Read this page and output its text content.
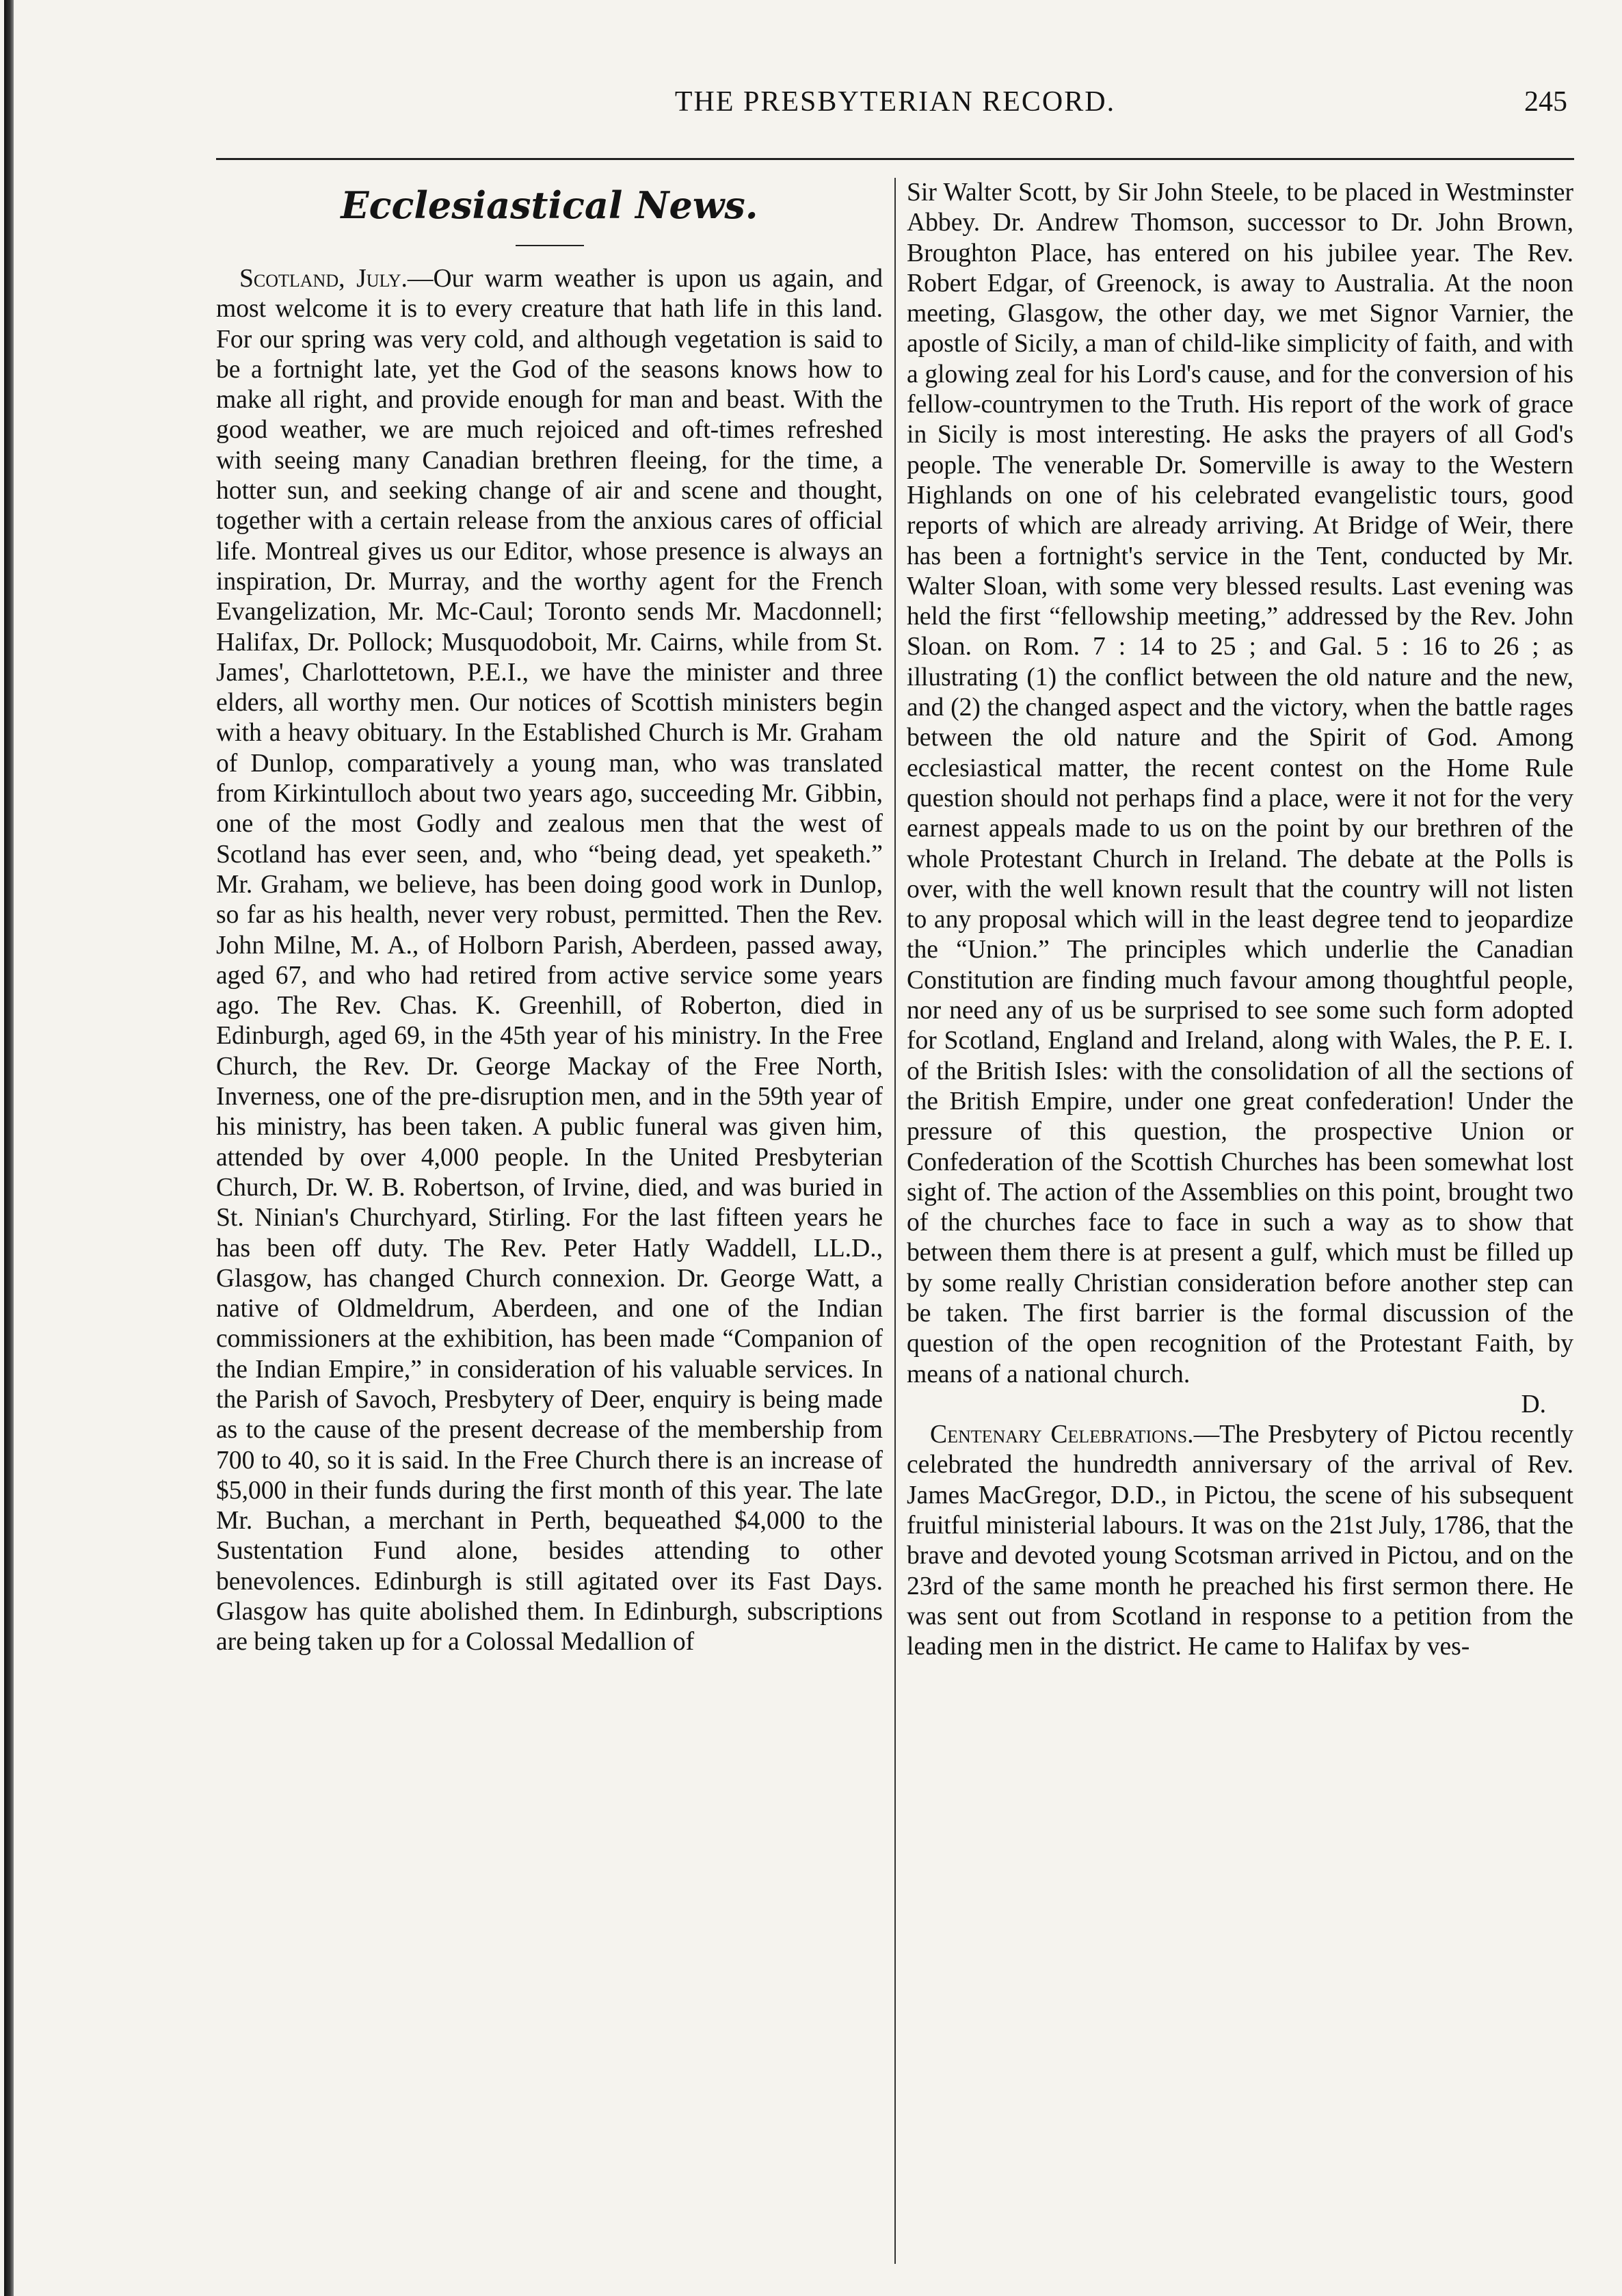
THE PRESBYTERIAN RECORD.	245
Ecclesiastical News.

Scotland, July.—Our warm weather is upon us again, and most welcome it is to every creature that hath life in this land. For our spring was very cold, and although vegetation is said to be a fortnight late, yet the God of the seasons knows how to make all right, and provide enough for man and beast. With the good weather, we are much rejoiced and oft-times refreshed with seeing many Canadian brethren fleeing, for the time, a hotter sun, and seeking change of air and scene and thought, together with a certain release from the anxious cares of official life. Montreal gives us our Editor, whose presence is always an inspiration, Dr. Murray, and the worthy agent for the French Evangelization, Mr. Mc-Caul; Toronto sends Mr. Macdonnell; Halifax, Dr. Pollock; Musquodoboit, Mr. Cairns, while from St. James', Charlottetown, P.E.I., we have the minister and three elders, all worthy men. Our notices of Scottish ministers begin with a heavy obituary. In the Established Church is Mr. Graham of Dunlop, comparatively a young man, who was translated from Kirkintulloch about two years ago, succeeding Mr. Gibbin, one of the most Godly and zealous men that the west of Scotland has ever seen, and, who “being dead, yet speaketh.” Mr. Graham, we believe, has been doing good work in Dunlop, so far as his health, never very robust, permitted. Then the Rev. John Milne, M. A., of Holborn Parish, Aberdeen, passed away, aged 67, and who had retired from active service some years ago. The Rev. Chas. K. Greenhill, of Roberton, died in Edinburgh, aged 69, in the 45th year of his ministry. In the Free Church, the Rev. Dr. George Mackay of the Free North, Inverness, one of the pre-disruption men, and in the 59th year of his ministry, has been taken. A public funeral was given him, attended by over 4,000 people. In the United Presbyterian Church, Dr. W. B. Robertson, of Irvine, died, and was buried in St. Ninian's Churchyard, Stirling. For the last fifteen years he has been off duty. The Rev. Peter Hatly Waddell, LL.D., Glasgow, has changed Church connexion. Dr. George Watt, a native of Oldmeldrum, Aberdeen, and one of the Indian commissioners at the exhibition, has been made “Companion of the Indian Empire,” in consideration of his valuable services. In the Parish of Savoch, Presbytery of Deer, enquiry is being made as to the cause of the present decrease of the membership from 700 to 40, so it is said. In the Free Church there is an increase of $5,000 in their funds during the first month of this year. The late Mr. Buchan, a merchant in Perth, bequeathed $4,000 to the Sustentation Fund alone, besides attending to other benevolences. Edinburgh is still agitated over its Fast Days. Glasgow has quite abolished them. In Edinburgh, subscriptions are being taken up for a Colossal Medallion of

Sir Walter Scott, by Sir John Steele, to be placed in Westminster Abbey. Dr. Andrew Thomson, successor to Dr. John Brown, Broughton Place, has entered on his jubilee year. The Rev. Robert Edgar, of Greenock, is away to Australia. At the noon meeting, Glasgow, the other day, we met Signor Varnier, the apostle of Sicily, a man of child-like simplicity of faith, and with a glowing zeal for his Lord's cause, and for the conversion of his fellow-countrymen to the Truth. His report of the work of grace in Sicily is most interesting. He asks the prayers of all God's people. The venerable Dr. Somerville is away to the Western Highlands on one of his celebrated evangelistic tours, good reports of which are already arriving. At Bridge of Weir, there has been a fortnight's service in the Tent, conducted by Mr. Walter Sloan, with some very blessed results. Last evening was held the first “fellowship meeting,” addressed by the Rev. John Sloan. on Rom. 7 : 14 to 25 ; and Gal. 5 : 16 to 26 ; as illustrating (1) the conflict between the old nature and the new, and (2) the changed aspect and the victory, when the battle rages between the old nature and the Spirit of God. Among ecclesiastical matter, the recent contest on the Home Rule question should not perhaps find a place, were it not for the very earnest appeals made to us on the point by our brethren of the whole Protestant Church in Ireland. The debate at the Polls is over, with the well known result that the country will not listen to any proposal which will in the least degree tend to jeopardize the “Union.” The principles which underlie the Canadian Constitution are finding much favour among thoughtful people, nor need any of us be surprised to see some such form adopted for Scotland, England and Ireland, along with Wales, the P. E. I. of the British Isles: with the consolidation of all the sections of the British Empire, under one great confederation! Under the pressure of this question, the prospective Union or Confederation of the Scottish Churches has been somewhat lost sight of. The action of the Assemblies on this point, brought two of the churches face to face in such a way as to show that between them there is at present a gulf, which must be filled up by some really Christian consideration before another step can be taken. The first barrier is the formal discussion of the question of the open recognition of the Protestant Faith, by means of a national church.

D.

Centenary Celebrations.—The Presbytery of Pictou recently celebrated the hundredth anniversary of the arrival of Rev. James MacGregor, D.D., in Pictou, the scene of his subsequent fruitful ministerial labours. It was on the 21st July, 1786, that the brave and devoted young Scotsman arrived in Pictou, and on the 23rd of the same month he preached his first sermon there. He was sent out from Scotland in response to a petition from the leading men in the district. He came to Halifax by ves-
